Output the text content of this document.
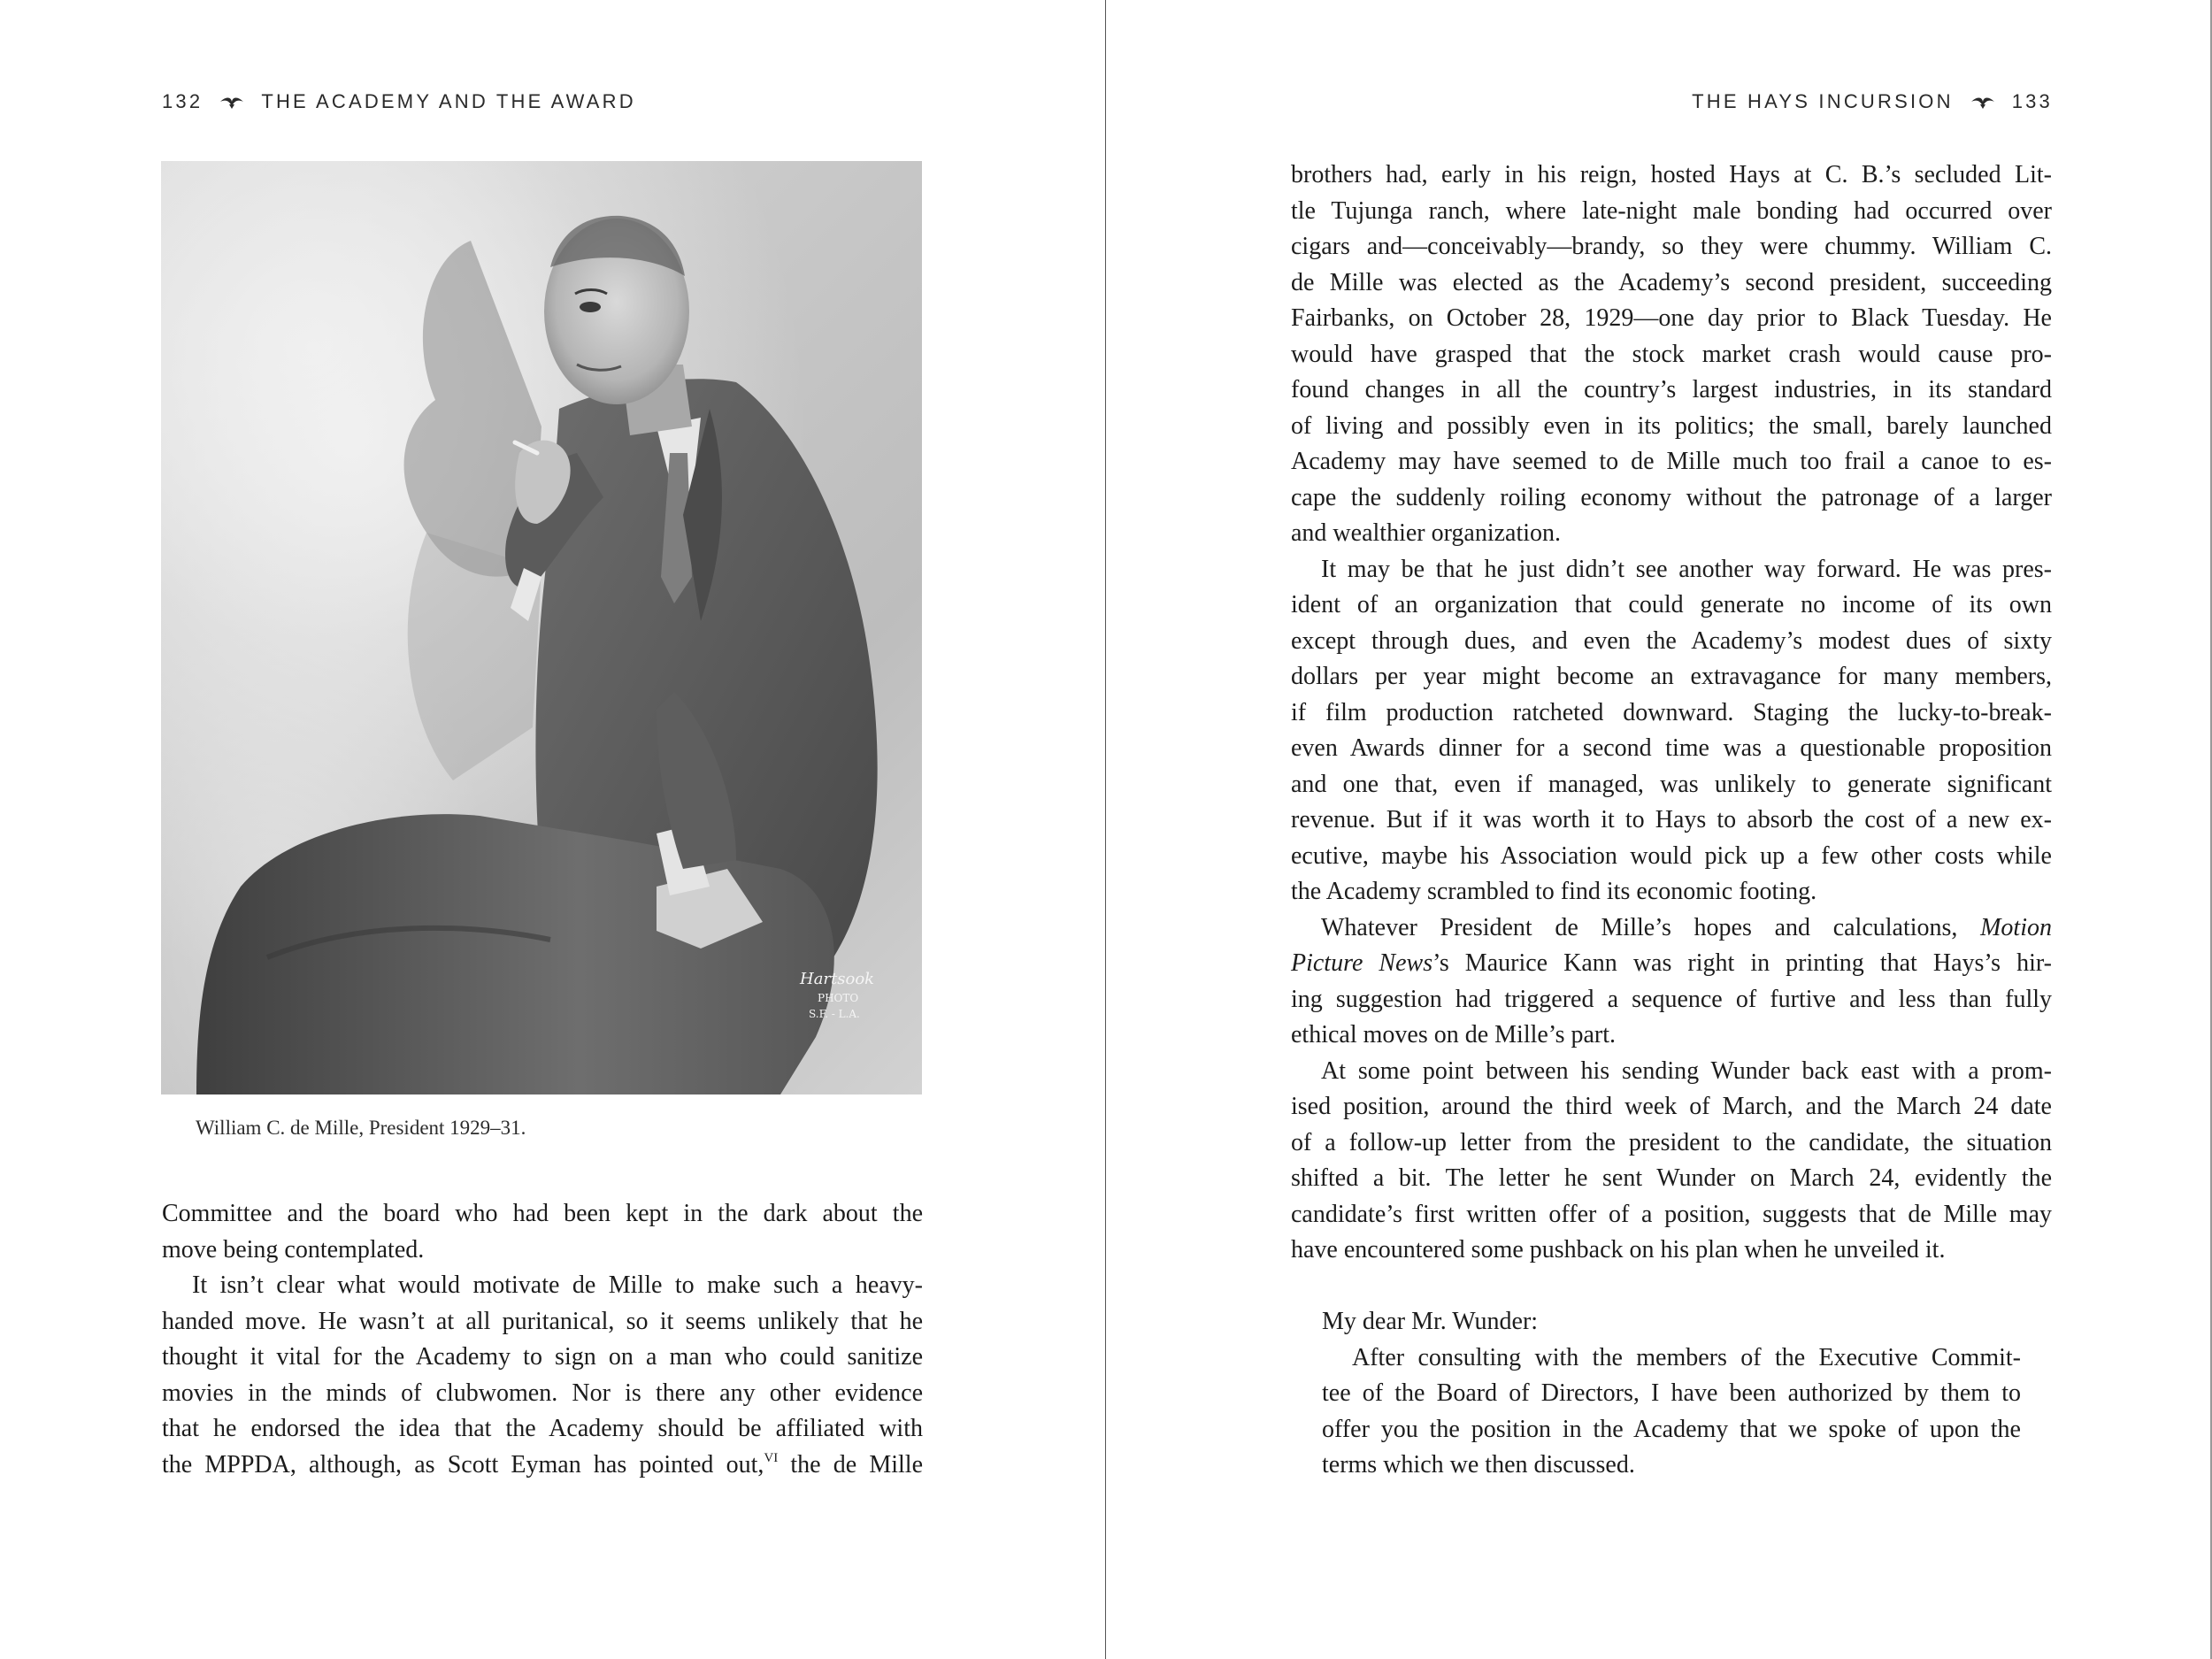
132	THE ACADEMY AND THE AWARD
Hartsook
PHOTO
S.F. - L.A.
William C. de Mille, President 1929–31.
Committee and the board who had been kept in the dark about the
move being contemplated.
It isn’t clear what would motivate de Mille to make such a heavy-
handed move. He wasn’t at all puritanical, so it seems unlikely that he
thought it vital for the Academy to sign on a man who could sanitize
movies in the minds of clubwomen. Nor is there any other evidence
that he endorsed the idea that the Academy should be affiliated with
the MPPDA, although, as Scott Eyman has pointed out,$^{VI}$ the de Mille
THE HAYS INCURSION	133
brothers had, early in his reign, hosted Hays at C. B.’s secluded Lit-
tle Tujunga ranch, where late-night male bonding had occurred over
cigars and—conceivably—brandy, so they were chummy. William C.
de Mille was elected as the Academy’s second president, succeeding
Fairbanks, on October 28, 1929—one day prior to Black Tuesday. He
would have grasped that the stock market crash would cause pro-
found changes in all the country’s largest industries, in its standard
of living and possibly even in its politics; the small, barely launched
Academy may have seemed to de Mille much too frail a canoe to es-
cape the suddenly roiling economy without the patronage of a larger
and wealthier organization.
It may be that he just didn’t see another way forward. He was pres-
ident of an organization that could generate no income of its own
except through dues, and even the Academy’s modest dues of sixty
dollars per year might become an extravagance for many members,
if film production ratcheted downward. Staging the lucky-to-break-
even Awards dinner for a second time was a questionable proposition
and one that, even if managed, was unlikely to generate significant
revenue. But if it was worth it to Hays to absorb the cost of a new ex-
ecutive, maybe his Association would pick up a few other costs while
the Academy scrambled to find its economic footing.
Whatever President de Mille’s hopes and calculations, Motion
Picture News’s Maurice Kann was right in printing that Hays’s hir-
ing suggestion had triggered a sequence of furtive and less than fully
ethical moves on de Mille’s part.
At some point between his sending Wunder back east with a prom-
ised position, around the third week of March, and the March 24 date
of a follow-up letter from the president to the candidate, the situation
shifted a bit. The letter he sent Wunder on March 24, evidently the
candidate’s first written offer of a position, suggests that de Mille may
have encountered some pushback on his plan when he unveiled it.
My dear Mr. Wunder:
After consulting with the members of the Executive Commit-
tee of the Board of Directors, I have been authorized by them to
offer you the position in the Academy that we spoke of upon the
terms which we then discussed.
